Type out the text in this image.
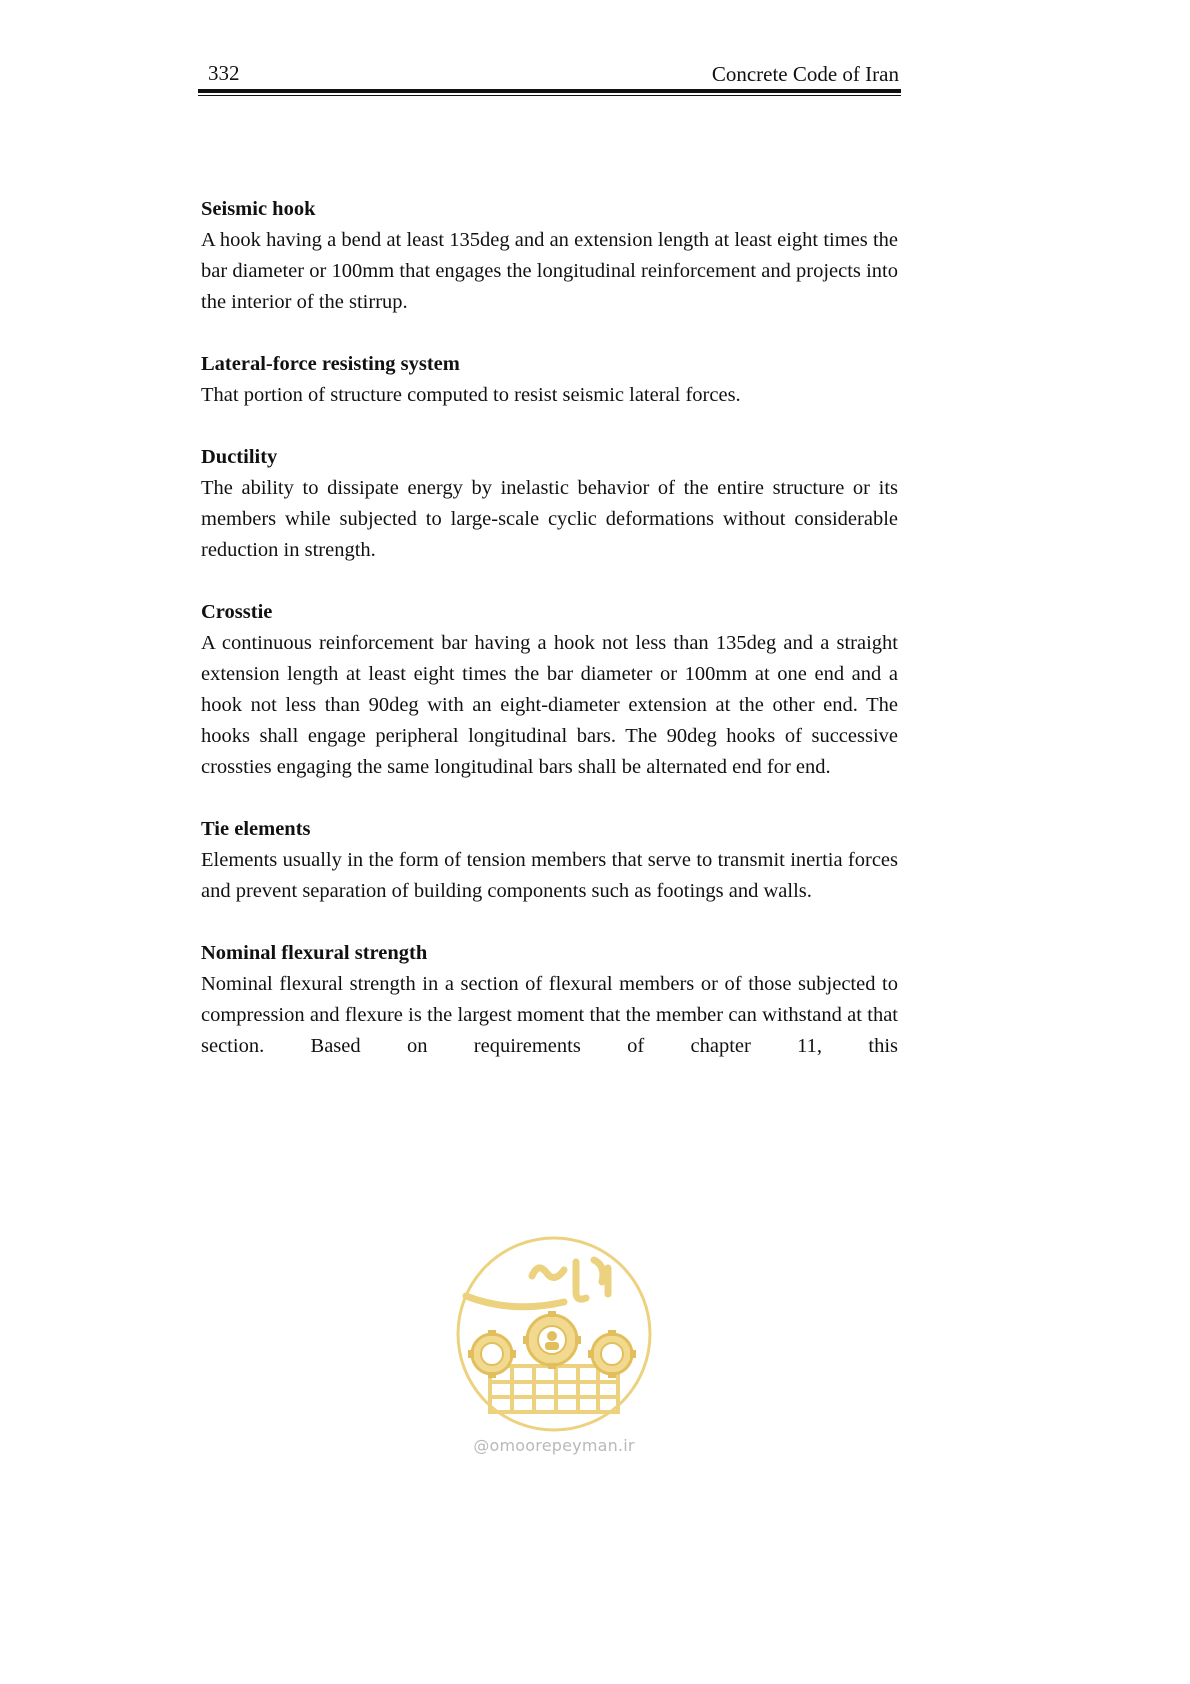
332	Concrete Code of Iran

Seismic hook

A hook having a bend at least 135deg and an extension length at least eight times the bar diameter or 100mm that engages the longitudinal reinforcement and projects into the interior of the stirrup.

Lateral-force resisting system

That portion of structure computed to resist seismic lateral forces.

Ductility

The ability to dissipate energy by inelastic behavior of the entire structure or its members while subjected to large-scale cyclic deformations without considerable reduction in strength.

Crosstie

A continuous reinforcement bar having a hook not less than 135deg and a straight extension length at least eight times the bar diameter or 100mm at one end and a hook not less than 90deg with an eight-diameter extension at the other end. The hooks shall engage peripheral longitudinal bars. The 90deg hooks of successive crossties engaging the same longitudinal bars shall be alternated end for end.

Tie elements

Elements usually in the form of tension members that serve to transmit inertia forces and prevent separation of building components such as footings and walls.

Nominal flexural strength

Nominal flexural strength in a section of flexural members or of those subjected to compression and flexure is the largest moment that the member can withstand at that section. Based on requirements of chapter 11, this

@omoorepeyman.ir
